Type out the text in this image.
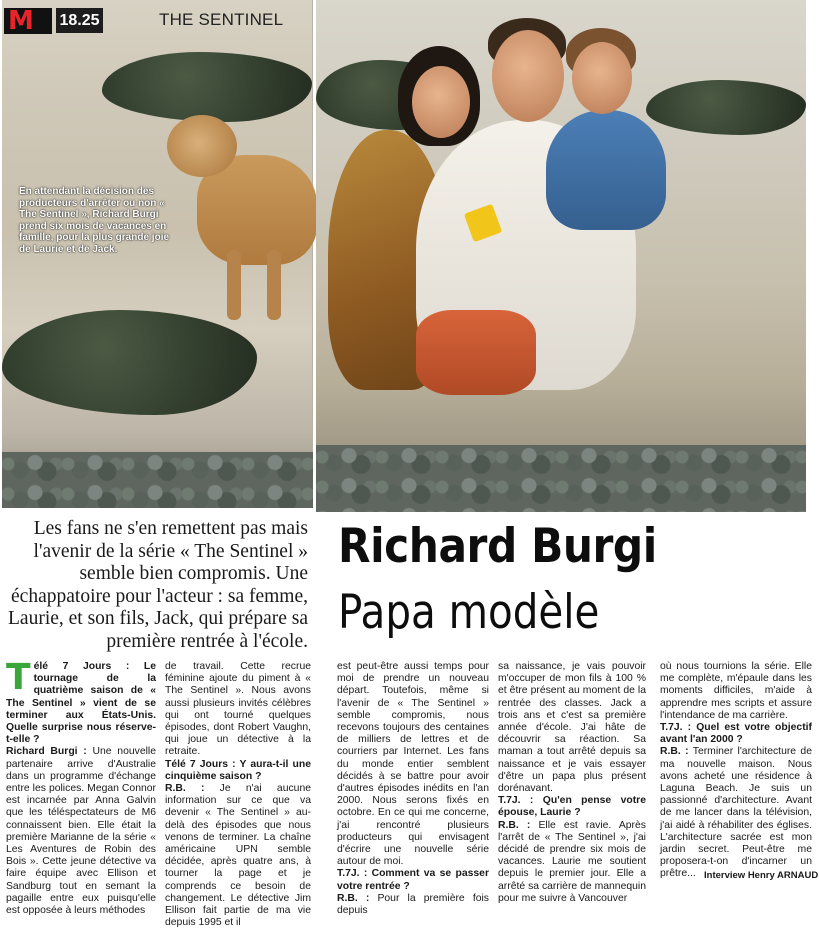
En attendant la décision des producteurs d'arrêter ou non « The Sentinel », Richard Burgi prend six mois de vacances en famille, pour la plus grande joie de Laurie et de Jack.
M 18.25	THE SENTINEL
Les fans ne s'en remettent pas mais l'avenir de la série « The Sentinel » semble bien compromis. Une échappatoire pour l'acteur : sa femme, Laurie, et son fils, Jack, qui prépare sa première rentrée à l'école.
Richard Burgi
Papa modèle
T élé 7 Jours : Le tournage de la quatrième saison de « The Sentinel » vient de se terminer aux États-Unis. Quelle surprise nous réserve-t-elle ?
Richard Burgi : Une nouvelle partenaire arrive d'Australie dans un programme d'échange entre les polices. Megan Connor est incarnée par Anna Galvin que les téléspectateurs de M6 connaissent bien. Elle était la première Marianne de la série « Les Aventures de Robin des Bois ». Cette jeune détective va faire équipe avec Ellison et Sandburg tout en semant la pagaille entre eux puisqu'elle est opposée à leurs méthodes
de travail. Cette recrue féminine ajoute du piment à « The Sentinel ». Nous avons aussi plusieurs invités célèbres qui ont tourné quelques épisodes, dont Robert Vaughn, qui joue un détective à la retraite.
Télé 7 Jours : Y aura-t-il une cinquième saison ?
R.B. : Je n'ai aucune information sur ce que va devenir « The Sentinel » au-delà des épisodes que nous venons de terminer. La chaîne américaine UPN semble décidée, après quatre ans, à tourner la page et je comprends ce besoin de changement. Le détective Jim Ellison fait partie de ma vie depuis 1995 et il
est peut-être aussi temps pour moi de prendre un nouveau départ. Toutefois, même si l'avenir de « The Sentinel » semble compromis, nous recevons toujours des centaines de milliers de lettres et de courriers par Internet. Les fans du monde entier semblent décidés à se battre pour avoir d'autres épisodes inédits en l'an 2000. Nous serons fixés en octobre. En ce qui me concerne, j'ai rencontré plusieurs producteurs qui envisagent d'écrire une nouvelle série autour de moi.
T.7J. : Comment va se passer votre rentrée ?
R.B. : Pour la première fois depuis
sa naissance, je vais pouvoir m'occuper de mon fils à 100 % et être présent au moment de la rentrée des classes. Jack a trois ans et c'est sa première année d'école. J'ai hâte de découvrir sa réaction. Sa maman a tout arrêté depuis sa naissance et je vais essayer d'être un papa plus présent dorénavant.
T.7J. : Qu'en pense votre épouse, Laurie ?
R.B. : Elle est ravie. Après l'arrêt de « The Sentinel », j'ai décidé de prendre six mois de vacances. Laurie me soutient depuis le premier jour. Elle a arrêté sa carrière de mannequin pour me suivre à Vancouver
où nous tournions la série. Elle me complète, m'épaule dans les moments difficiles, m'aide à apprendre mes scripts et assure l'intendance de ma carrière.
T.7J. : Quel est votre objectif avant l'an 2000 ?
R.B. : Terminer l'architecture de ma nouvelle maison. Nous avons acheté une résidence à Laguna Beach. Je suis un passionné d'architecture. Avant de me lancer dans la télévision, j'ai aidé à réhabiliter des églises. L'architecture sacrée est mon jardin secret. Peut-être me proposera-t-on d'incarner un prêtre... Interview Henry ARNAUD
